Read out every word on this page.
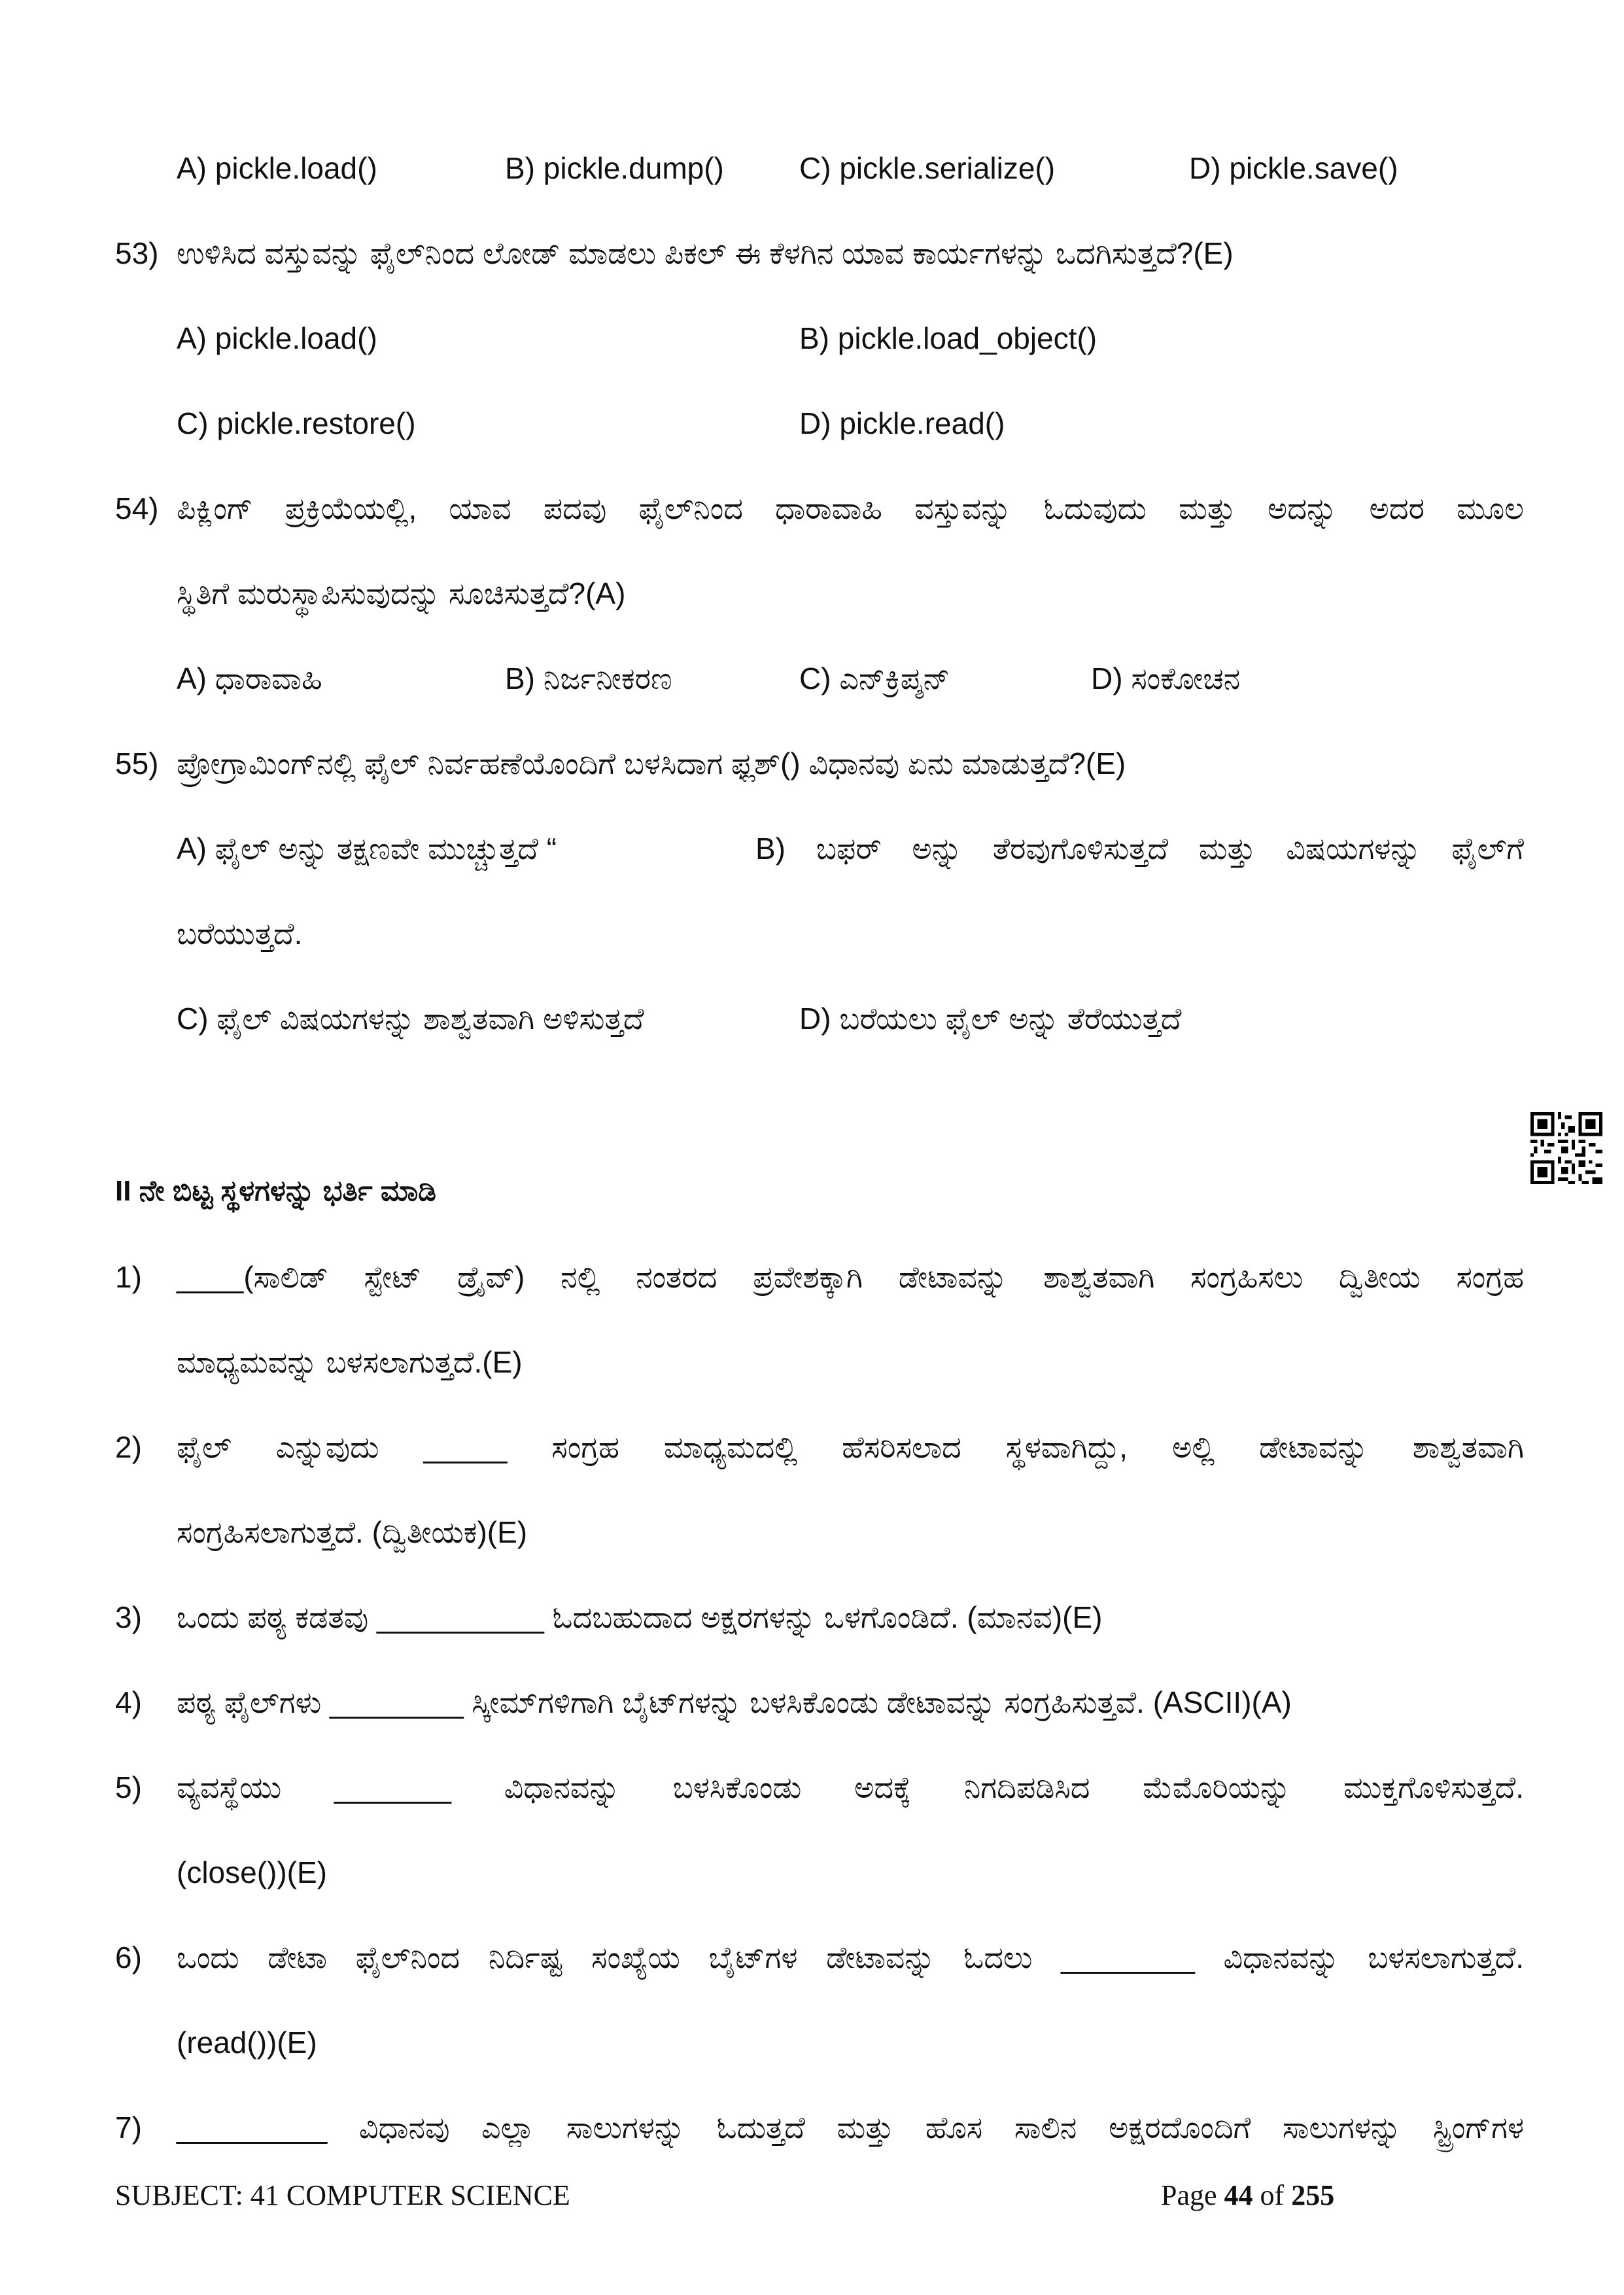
A) pickle.load()	B) pickle.dump()	C) pickle.serialize()	D) pickle.save()
53) ಉಳಿಸಿದ ವಸ್ತುವನ್ನು ಫೈಲ್‌ನಿಂದ ಲೋಡ್ ಮಾಡಲು ಪಿಕಲ್ ಈ ಕೆಳಗಿನ ಯಾವ ಕಾರ್ಯಗಳನ್ನು ಒದಗಿಸುತ್ತದೆ?(E)
A) pickle.load()	B) pickle.load_object()
C) pickle.restore()	D) pickle.read()
54) ಪಿಕ್ಲಿಂಗ್ ಪ್ರಕ್ರಿಯೆಯಲ್ಲಿ, ಯಾವ ಪದವು ಫೈಲ್‌ನಿಂದ ಧಾರಾವಾಹಿ ವಸ್ತುವನ್ನು ಓದುವುದು ಮತ್ತು ಅದನ್ನು ಅದರ ಮೂಲ
ಸ್ಥಿತಿಗೆ ಮರುಸ್ಥಾಪಿಸುವುದನ್ನು ಸೂಚಿಸುತ್ತದೆ?(A)
A) ಧಾರಾವಾಹಿ	B) ನಿರ್ಜನೀಕರಣ	C) ಎನ್‌ಕ್ರಿಪ್ಶನ್	D) ಸಂಕೋಚನ
55) ಪ್ರೋಗ್ರಾಮಿಂಗ್‌ನಲ್ಲಿ ಫೈಲ್ ನಿರ್ವಹಣೆಯೊಂದಿಗೆ ಬಳಸಿದಾಗ ಫ್ಲಶ್() ವಿಧಾನವು ಏನು ಮಾಡುತ್ತದೆ?(E)
A) ಫೈಲ್ ಅನ್ನು ತಕ್ಷಣವೇ ಮುಚ್ಚುತ್ತದೆ “	B) ಬಫರ್ ಅನ್ನು ತೆರವುಗೊಳಿಸುತ್ತದೆ ಮತ್ತು ವಿಷಯಗಳನ್ನು ಫೈಲ್‌ಗೆ
ಬರೆಯುತ್ತದೆ.
C) ಫೈಲ್ ವಿಷಯಗಳನ್ನು ಶಾಶ್ವತವಾಗಿ ಅಳಿಸುತ್ತದೆ	D) ಬರೆಯಲು ಫೈಲ್ ಅನ್ನು ತೆರೆಯುತ್ತದೆ
II ನೇ ಬಿಟ್ಟ ಸ್ಥಳಗಳನ್ನು ಭರ್ತಿ ಮಾಡಿ
1) ____(ಸಾಲಿಡ್ ಸ್ಟೇಟ್ ಡ್ರೈವ್) ನಲ್ಲಿ ನಂತರದ ಪ್ರವೇಶಕ್ಕಾಗಿ ಡೇಟಾವನ್ನು ಶಾಶ್ವತವಾಗಿ ಸಂಗ್ರಹಿಸಲು ದ್ವಿತೀಯ ಸಂಗ್ರಹ
ಮಾಧ್ಯಮವನ್ನು ಬಳಸಲಾಗುತ್ತದೆ.(E)
2) ಫೈಲ್ ಎನ್ನುವುದು _____ ಸಂಗ್ರಹ ಮಾಧ್ಯಮದಲ್ಲಿ ಹೆಸರಿಸಲಾದ ಸ್ಥಳವಾಗಿದ್ದು, ಅಲ್ಲಿ ಡೇಟಾವನ್ನು ಶಾಶ್ವತವಾಗಿ
ಸಂಗ್ರಹಿಸಲಾಗುತ್ತದೆ. (ದ್ವಿತೀಯಕ)(E)
3) ಒಂದು ಪಠ್ಯ ಕಡತವು __________ ಓದಬಹುದಾದ ಅಕ್ಷರಗಳನ್ನು ಒಳಗೊಂಡಿದೆ. (ಮಾನವ)(E)
4) ಪಠ್ಯ ಫೈಲ್‌ಗಳು ________ ಸ್ಕೀಮ್‌ಗಳಿಗಾಗಿ ಬೈಟ್‌ಗಳನ್ನು ಬಳಸಿಕೊಂಡು ಡೇಟಾವನ್ನು ಸಂಗ್ರಹಿಸುತ್ತವೆ. (ASCII)(A)
5) ವ್ಯವಸ್ಥೆಯು _______ ವಿಧಾನವನ್ನು ಬಳಸಿಕೊಂಡು ಅದಕ್ಕೆ ನಿಗದಿಪಡಿಸಿದ ಮೆಮೊರಿಯನ್ನು ಮುಕ್ತಗೊಳಿಸುತ್ತದೆ.
(close())(E)
6) ಒಂದು ಡೇಟಾ ಫೈಲ್‌ನಿಂದ ನಿರ್ದಿಷ್ಟ ಸಂಖ್ಯೆಯ ಬೈಟ್‌ಗಳ ಡೇಟಾವನ್ನು ಓದಲು ________ ವಿಧಾನವನ್ನು ಬಳಸಲಾಗುತ್ತದೆ.
(read())(E)
7) _________ ವಿಧಾನವು ಎಲ್ಲಾ ಸಾಲುಗಳನ್ನು ಓದುತ್ತದೆ ಮತ್ತು ಹೊಸ ಸಾಲಿನ ಅಕ್ಷರದೊಂದಿಗೆ ಸಾಲುಗಳನ್ನು ಸ್ಟ್ರಿಂಗ್‌ಗಳ
SUBJECT: 41 COMPUTER SCIENCE	Page 44 of 255
